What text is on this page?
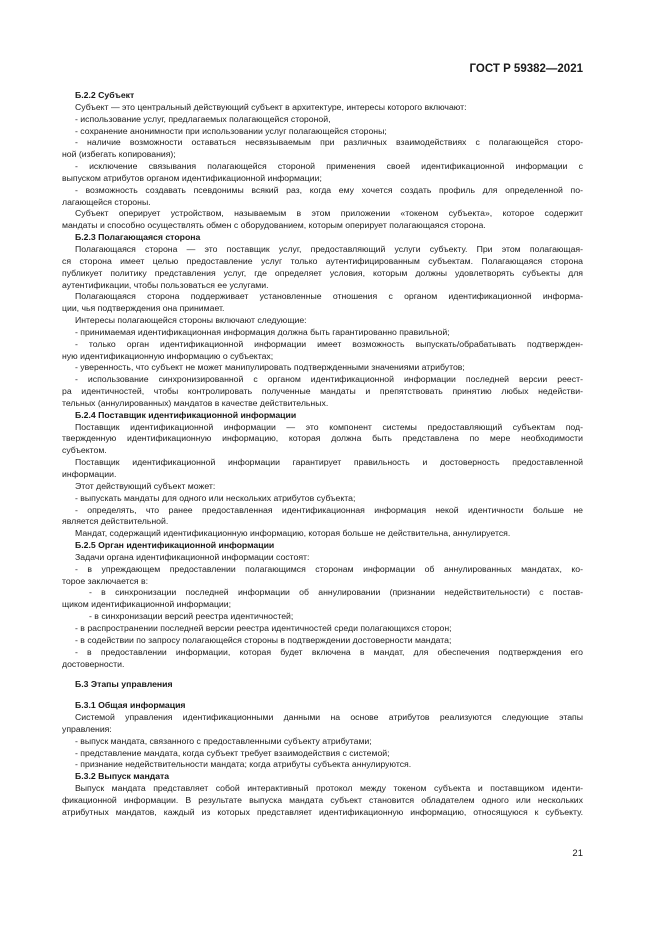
ГОСТ Р 59382—2021
Б.2.2 Субъект
Субъект — это центральный действующий субъект в архитектуре, интересы которого включают:
- использование услуг, предлагаемых полагающейся стороной,
- сохранение анонимности при использовании услуг полагающейся стороны;
- наличие возможности оставаться несвязываемым при различных взаимодействиях с полагающейся сторо-
ной (избегать копирования);
- исключение связывания полагающейся стороной применения своей идентификационной информации с
выпуском атрибутов органом идентификационной информации;
- возможность создавать псевдонимы всякий раз, когда ему хочется создать профиль для определенной по-
лагающейся стороны.
Субъект оперирует устройством, называемым в этом приложении «токеном субъекта», которое содержит
мандаты и способно осуществлять обмен с оборудованием, которым оперирует полагающаяся сторона.
Б.2.3 Полагающаяся сторона
Полагающаяся сторона — это поставщик услуг, предоставляющий услуги субъекту. При этом полагающая-
ся сторона имеет целью предоставление услуг только аутентифицированным субъектам. Полагающаяся сторона
публикует политику представления услуг, где определяет условия, которым должны удовлетворять субъекты для
аутентификации, чтобы пользоваться ее услугами.
Полагающаяся сторона поддерживает установленные отношения с органом идентификационной информа-
ции, чья подтверждения она принимает.
Интересы полагающейся стороны включают следующие:
- принимаемая идентификационная информация должна быть гарантированно правильной;
- только орган идентификационной информации имеет возможность выпускать/обрабатывать подтвержден-
ную идентификационную информацию о субъектах;
- уверенность, что субъект не может манипулировать подтвержденными значениями атрибутов;
- использование синхронизированной с органом идентификационной информации последней версии реест-
ра идентичностей, чтобы контролировать полученные мандаты и препятствовать принятию любых недействи-
тельных (аннулированных) мандатов в качестве действительных.
Б.2.4 Поставщик идентификационной информации
Поставщик идентификационной информации — это компонент системы предоставляющий субъектам под-
твержденную идентификационную информацию, которая должна быть представлена по мере необходимости
субъектом.
Поставщик идентификационной информации гарантирует правильность и достоверность предоставленной
информации.
Этот действующий субъект может:
- выпускать мандаты для одного или нескольких атрибутов субъекта;
- определять, что ранее предоставленная идентификационная информация некой идентичности больше не
является действительной.
Мандат, содержащий идентификационную информацию, которая больше не действительна, аннулируется.
Б.2.5 Орган идентификационной информации
Задачи органа идентификационной информации состоят:
- в упреждающем предоставлении полагающимся сторонам информации об аннулированных мандатах, ко-
торое заключается в:
- в синхронизации последней информации об аннулировании (признании недействительности) с постав-
щиком идентификационной информации;
- в синхронизации версий реестра идентичностей;
- в распространении последней версии реестра идентичностей среди полагающихся сторон;
- в содействии по запросу полагающейся стороны в подтверждении достоверности мандата;
- в предоставлении информации, которая будет включена в мандат, для обеспечения подтверждения его
достоверности.
Б.3 Этапы управления
Б.3.1 Общая информация
Системой управления идентификационными данными на основе атрибутов реализуются следующие этапы
управления:
- выпуск мандата, связанного с предоставленными субъекту атрибутами;
- представление мандата, когда субъект требует взаимодействия с системой;
- признание недействительности мандата; когда атрибуты субъекта аннулируются.
Б.3.2 Выпуск мандата
Выпуск мандата представляет собой интерактивный протокол между токеном субъекта и поставщиком иденти-
фикационной информации. В результате выпуска мандата субъект становится обладателем одного или нескольких
атрибутных мандатов, каждый из которых представляет идентификационную информацию, относящуюся к субъекту.
21
